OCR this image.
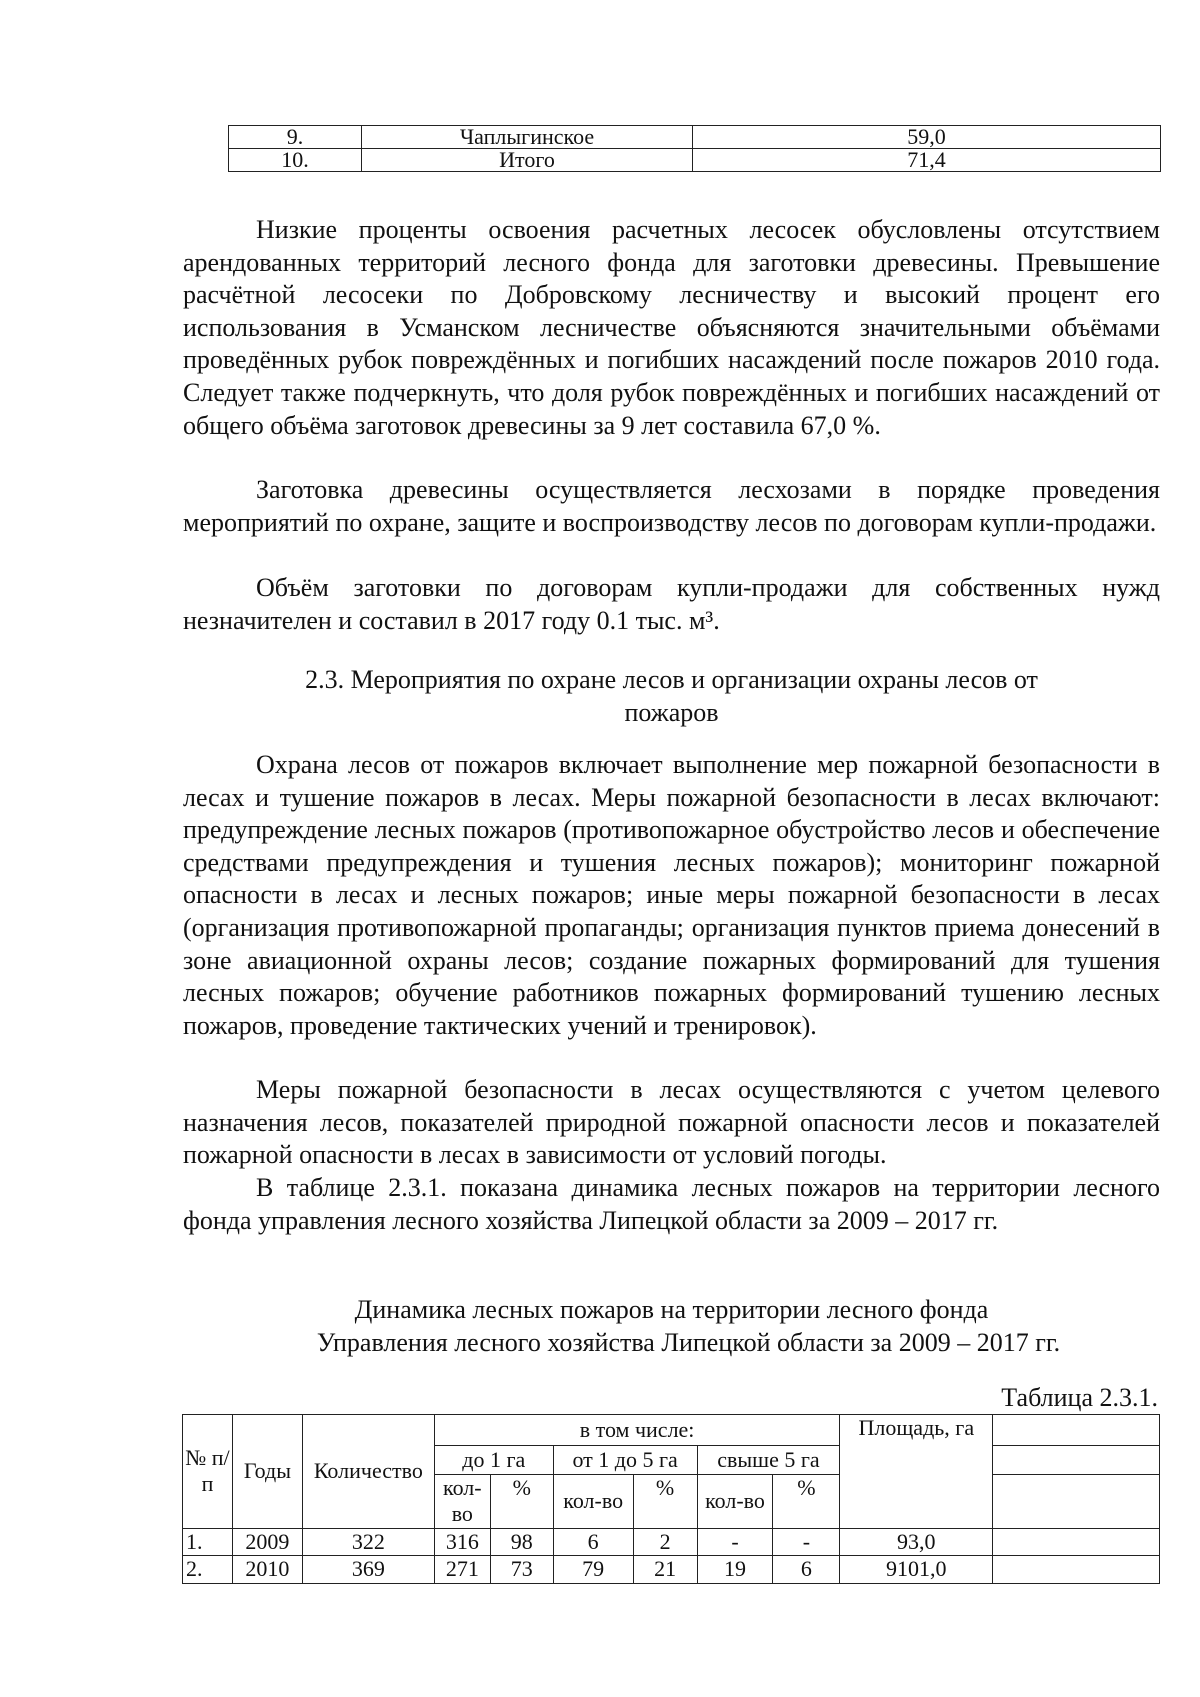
9.	Чаплыгинское	59,0
10.	Итого	71,4

Низкие проценты освоения расчетных лесосек обусловлены отсутствием арендованных территорий лесного фонда для заготовки древесины. Превышение расчётной лесосеки по Добровскому лесничеству и высокий процент его использования в Усманском лесничестве объясняются значительными объёмами проведённых рубок повреждённых и погибших насаждений после пожаров 2010 года. Следует также подчеркнуть, что доля рубок повреждённых и погибших насаждений от общего объёма заготовок древесины за 9 лет составила 67,0 %.

Заготовка древесины осуществляется лесхозами в порядке проведения мероприятий по охране, защите и воспроизводству лесов по договорам купли-продажи.

Объём заготовки по договорам купли-продажи для собственных нужд незначителен и составил в 2017 году 0.1 тыс. м³.

2.3. Мероприятия по охране лесов и организации охраны лесов от пожаров

Охрана лесов от пожаров включает выполнение мер пожарной безопасности в лесах и тушение пожаров в лесах. Меры пожарной безопасности в лесах включают: предупреждение лесных пожаров (противопожарное обустройство лесов и обеспечение средствами предупреждения и тушения лесных пожаров); мониторинг пожарной опасности в лесах и лесных пожаров; иные меры пожарной безопасности в лесах (организация противопожарной пропаганды; организация пунктов приема донесений в зоне авиационной охраны лесов; создание пожарных формирований для тушения лесных пожаров; обучение работников пожарных формирований тушению лесных пожаров, проведение тактических учений и тренировок).

Меры пожарной безопасности в лесах осуществляются с учетом целевого назначения лесов, показателей природной пожарной опасности лесов и показателей пожарной опасности в лесах в зависимости от условий погоды.

В таблице 2.3.1. показана динамика лесных пожаров на территории лесного фонда управления лесного хозяйства Липецкой области за 2009 – 2017 гг.

Динамика лесных пожаров на территории лесного фонда

Управления лесного хозяйства Липецкой области за 2009 – 2017 гг.

Таблица 2.3.1.

№ п/п	Годы	Количество	в том числе:						Площадь, га	
			до 1 га		от 1 до 5 га		свыше 5 га			
			кол-во	%	кол-во	%	кол-во	%		
1.	2009	322	316	98	6	2	-	-	93,0	
2.	2010	369	271	73	79	21	19	6	9101,0	
